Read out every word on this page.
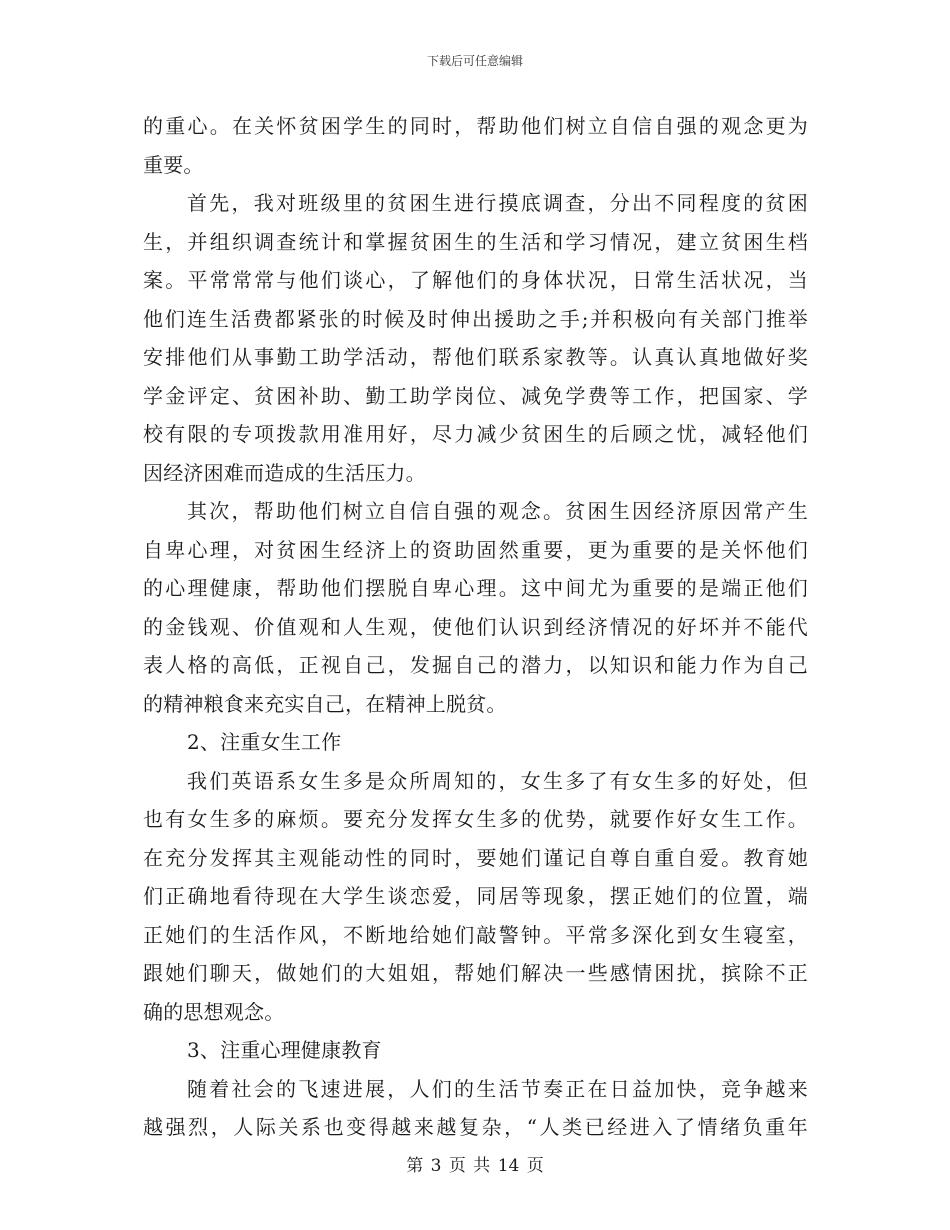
下载后可任意编辑
的重心。在关怀贫困学生的同时，帮助他们树立自信自强的观念更为
重要。
首先，我对班级里的贫困生进行摸底调查，分出不同程度的贫困
生，并组织调查统计和掌握贫困生的生活和学习情况，建立贫困生档
案。平常常常与他们谈心，了解他们的身体状况，日常生活状况，当
他们连生活费都紧张的时候及时伸出援助之手;并积极向有关部门推举
安排他们从事勤工助学活动，帮他们联系家教等。认真认真地做好奖
学金评定、贫困补助、勤工助学岗位、减免学费等工作，把国家、学
校有限的专项拨款用准用好，尽力减少贫困生的后顾之忧，减轻他们
因经济困难而造成的生活压力。
其次，帮助他们树立自信自强的观念。贫困生因经济原因常产生
自卑心理，对贫困生经济上的资助固然重要，更为重要的是关怀他们
的心理健康，帮助他们摆脱自卑心理。这中间尤为重要的是端正他们
的金钱观、价值观和人生观，使他们认识到经济情况的好坏并不能代
表人格的高低，正视自己，发掘自己的潜力，以知识和能力作为自己
的精神粮食来充实自己，在精神上脱贫。
2、注重女生工作
我们英语系女生多是众所周知的，女生多了有女生多的好处，但
也有女生多的麻烦。要充分发挥女生多的优势，就要作好女生工作。
在充分发挥其主观能动性的同时，要她们谨记自尊自重自爱。教育她
们正确地看待现在大学生谈恋爱，同居等现象，摆正她们的位置，端
正她们的生活作风，不断地给她们敲警钟。平常多深化到女生寝室，
跟她们聊天，做她们的大姐姐，帮她们解决一些感情困扰，摈除不正
确的思想观念。
3、注重心理健康教育
随着社会的飞速进展，人们的生活节奏正在日益加快，竞争越来
越强烈，人际关系也变得越来越复杂，“人类已经进入了情绪负重年
第 3 页 共 14 页
